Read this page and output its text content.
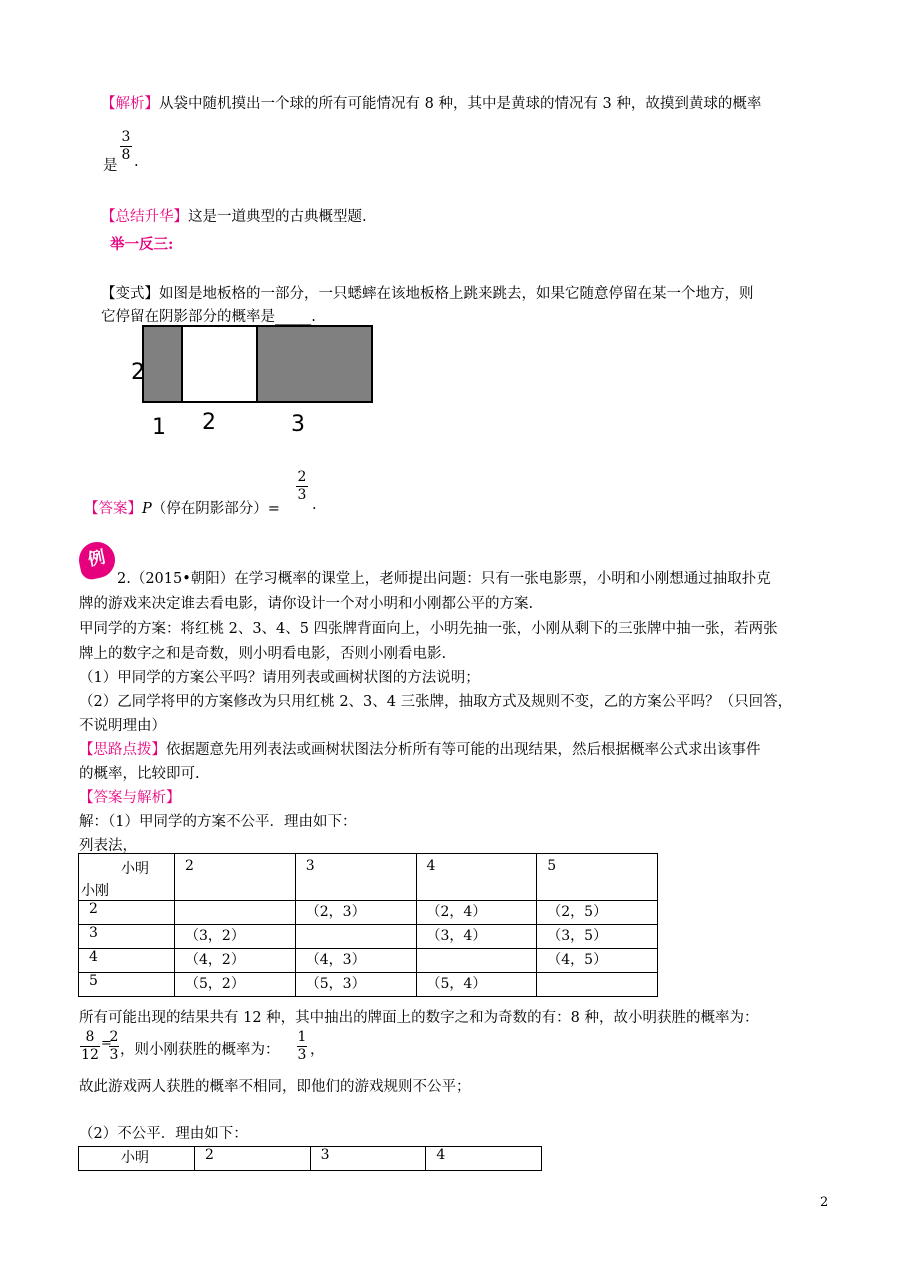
【解析】从袋中随机摸出一个球的所有可能情况有 8 种，其中是黄球的情况有 3 种，故摸到黄球的概率
是
3
8 .
【总结升华】这是一道典型的古典概型题.
举一反三:
【变式】如图是地板格的一部分，一只蟋蟀在该地板格上跳来跳去，如果它随意停留在某一个地方，则
它停留在阴影部分的概率是_____.
2
1 2	3
【答案】P（停在阴影部分）=
2
3
.
例
2.（2015•朝阳）在学习概率的课堂上，老师提出问题：只有一张电影票，小明和小刚想通过抽取扑克
牌的游戏来决定谁去看电影，请你设计一个对小明和小刚都公平的方案.
甲同学的方案：将红桃 2、3、4、5 四张牌背面向上，小明先抽一张，小刚从剩下的三张牌中抽一张，若两张
牌上的数字之和是奇数，则小明看电影，否则小刚看电影.
（1）甲同学的方案公平吗？请用列表或画树状图的方法说明；
（2）乙同学将甲的方案修改为只用红桃 2、3、4 三张牌，抽取方式及规则不变，乙的方案公平吗？（只回答，
不说明理由）
【思路点拨】依据题意先用列表法或画树状图法分析所有等可能的出现结果，然后根据概率公式求出该事件
的概率，比较即可.
【答案与解析】
解：（1）甲同学的方案不公平．理由如下：
列表法，
小明
小刚	2	3	4	5
2		（2，3）	（2，4）	（2，5）
3	（3，2）		（3，4）	（3，5）
4	（4，2）	（4，3）		（4，5）
5	（5，2）	（5，3）	（5，4）	
所有可能出现的结果共有 12 种，其中抽出的牌面上的数字之和为奇数的有：8 种，故小明获胜的概率为：
8
12
=
2
3 ，则小刚获胜的概率为：
1
3 ，
故此游戏两人获胜的概率不相同，即他们的游戏规则不公平；
（2）不公平．理由如下：
小明	2	3	4
2
